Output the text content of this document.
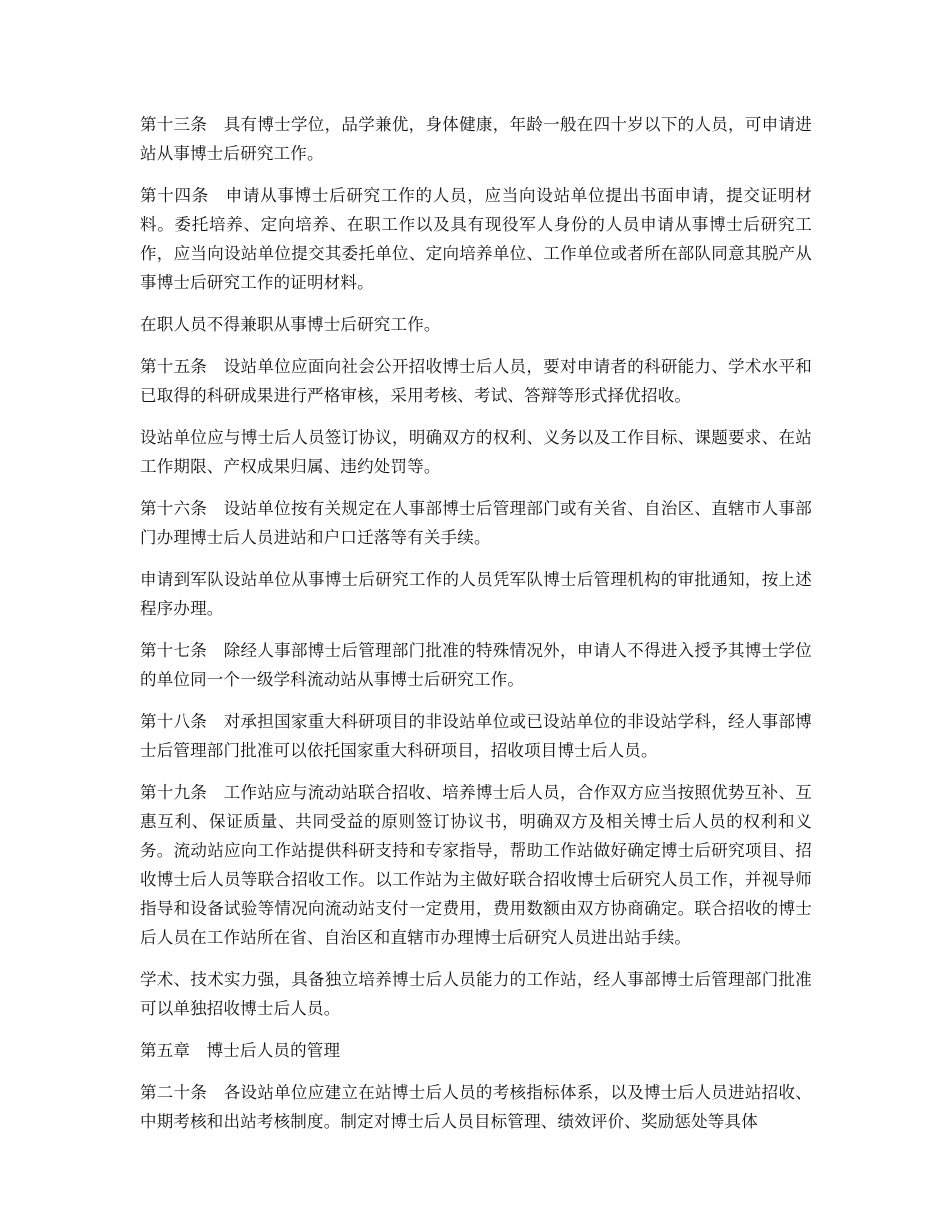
第十三条 具有博士学位，品学兼优，身体健康，年龄一般在四十岁以下的人员，可申请进站从事博士后研究工作。

第十四条 申请从事博士后研究工作的人员，应当向设站单位提出书面申请，提交证明材料。委托培养、定向培养、在职工作以及具有现役军人身份的人员申请从事博士后研究工作，应当向设站单位提交其委托单位、定向培养单位、工作单位或者所在部队同意其脱产从事博士后研究工作的证明材料。

在职人员不得兼职从事博士后研究工作。

第十五条 设站单位应面向社会公开招收博士后人员，要对申请者的科研能力、学术水平和已取得的科研成果进行严格审核，采用考核、考试、答辩等形式择优招收。

设站单位应与博士后人员签订协议，明确双方的权利、义务以及工作目标、课题要求、在站工作期限、产权成果归属、违约处罚等。

第十六条 设站单位按有关规定在人事部博士后管理部门或有关省、自治区、直辖市人事部门办理博士后人员进站和户口迁落等有关手续。

申请到军队设站单位从事博士后研究工作的人员凭军队博士后管理机构的审批通知，按上述程序办理。

第十七条 除经人事部博士后管理部门批准的特殊情况外，申请人不得进入授予其博士学位的单位同一个一级学科流动站从事博士后研究工作。

第十八条 对承担国家重大科研项目的非设站单位或已设站单位的非设站学科，经人事部博士后管理部门批准可以依托国家重大科研项目，招收项目博士后人员。

第十九条 工作站应与流动站联合招收、培养博士后人员，合作双方应当按照优势互补、互惠互利、保证质量、共同受益的原则签订协议书，明确双方及相关博士后人员的权利和义务。流动站应向工作站提供科研支持和专家指导，帮助工作站做好确定博士后研究项目、招收博士后人员等联合招收工作。以工作站为主做好联合招收博士后研究人员工作，并视导师指导和设备试验等情况向流动站支付一定费用，费用数额由双方协商确定。联合招收的博士后人员在工作站所在省、自治区和直辖市办理博士后研究人员进出站手续。

学术、技术实力强，具备独立培养博士后人员能力的工作站，经人事部博士后管理部门批准可以单独招收博士后人员。

第五章 博士后人员的管理

第二十条 各设站单位应建立在站博士后人员的考核指标体系，以及博士后人员进站招收、中期考核和出站考核制度。制定对博士后人员目标管理、绩效评价、奖励惩处等具体
